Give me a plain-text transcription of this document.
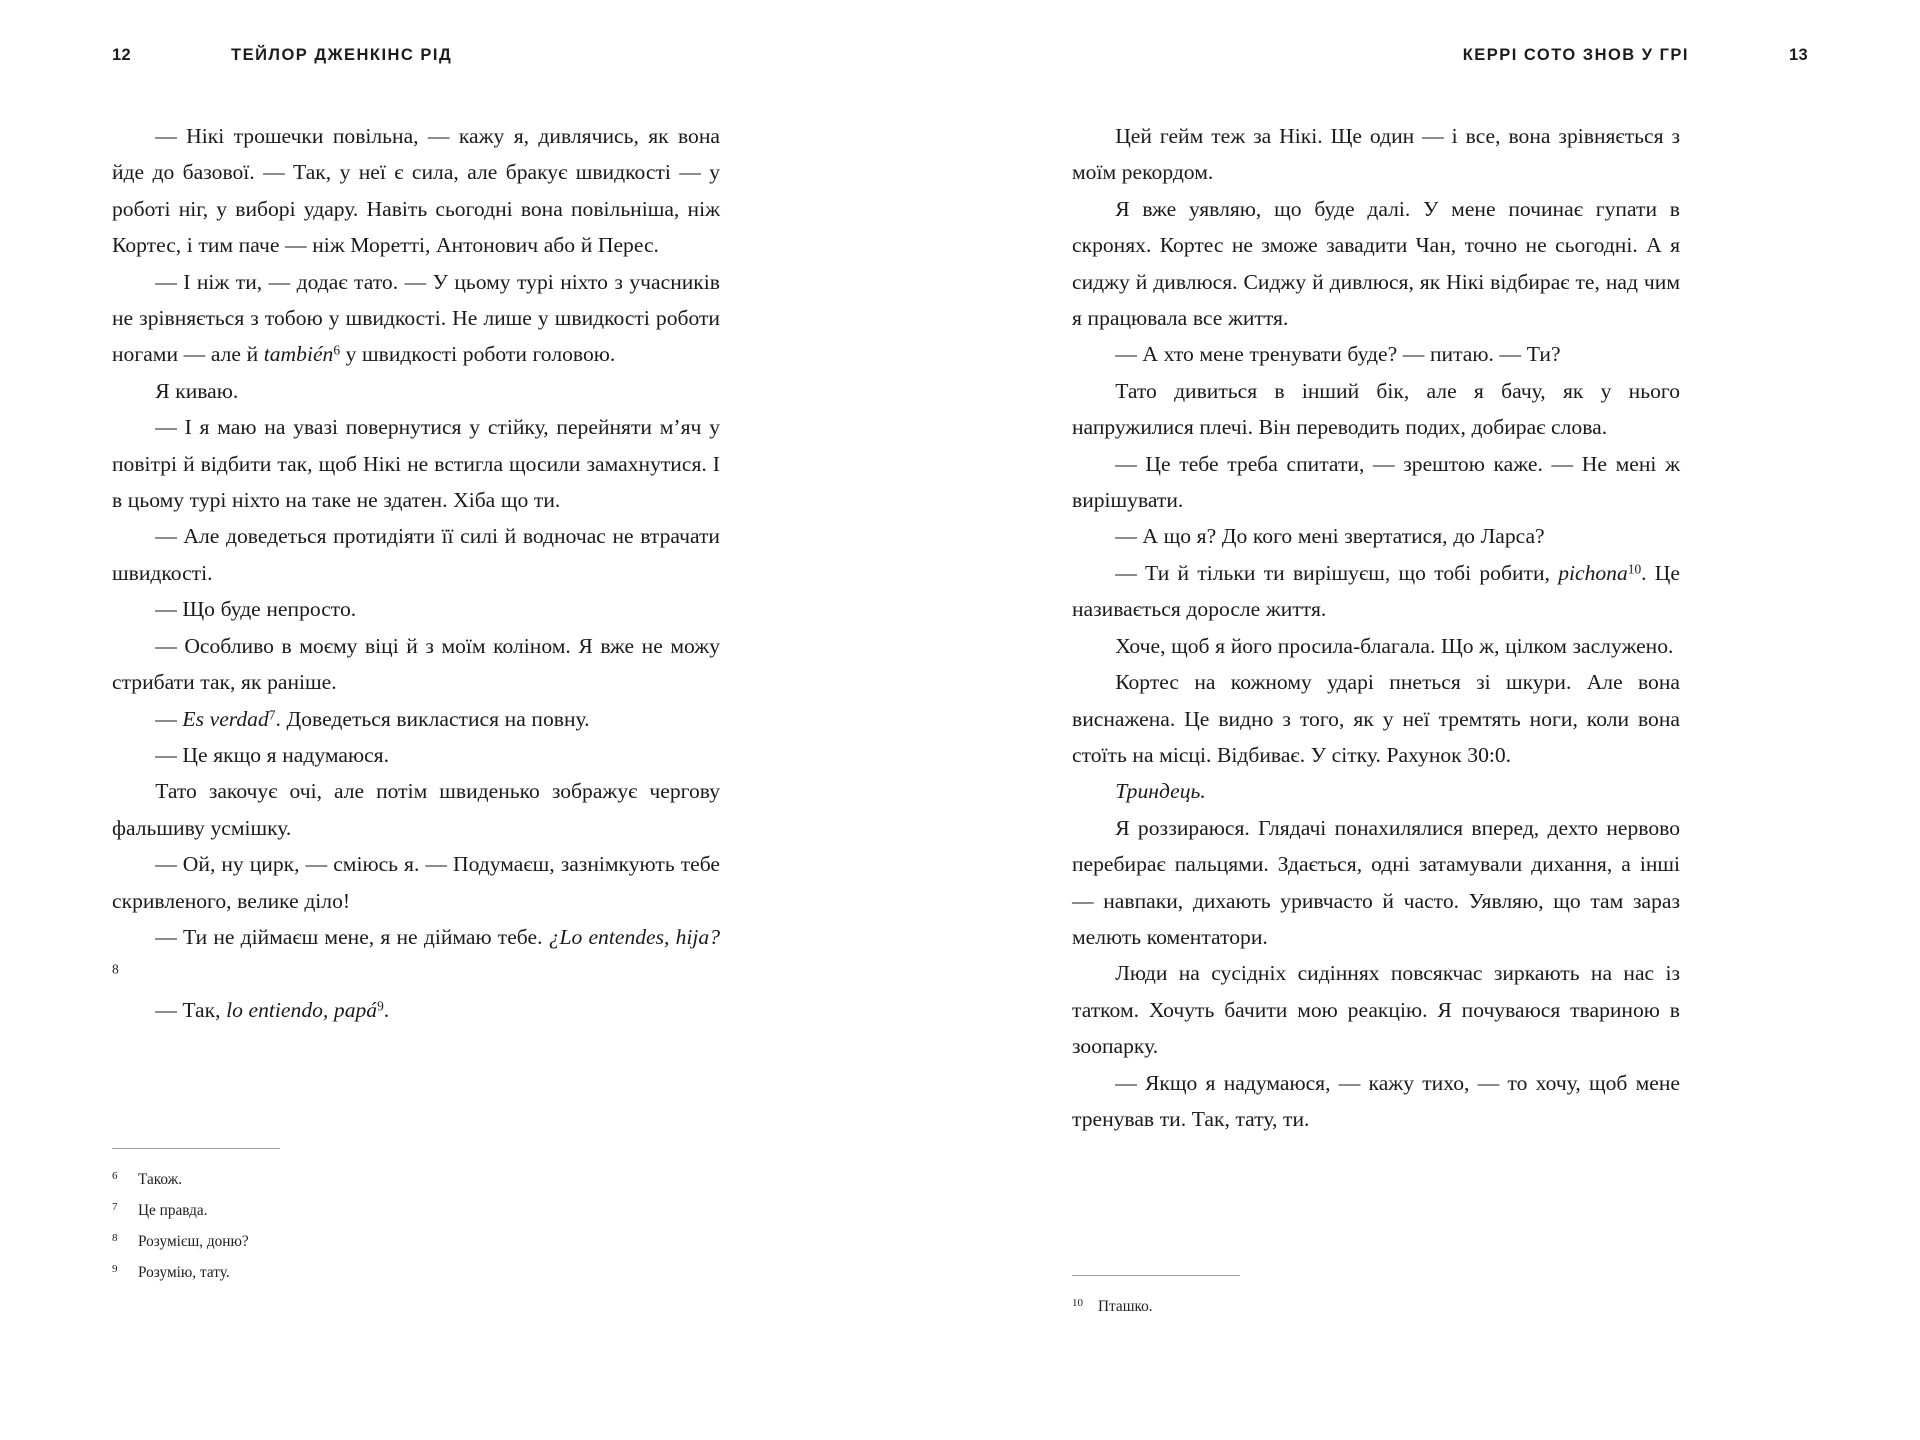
12	ТЕЙЛОР ДЖЕНКІНС РІД

— Нікі трошечки повільна, — кажу я, дивлячись, як вона йде до базової. — Так, у неї є сила, але бракує швидкості — у роботі ніг, у виборі удару. Навіть сьогодні вона повільніша, ніж Кортес, і тим паче — ніж Моретті, Антонович або й Перес.

— І ніж ти, — додає тато. — У цьому турі ніхто з учасників не зрівняється з тобою у швидкості. Не лише у швидкості роботи ногами — але й también$^6$ у швидкості роботи головою.

Я киваю.

— І я маю на увазі повернутися у стійку, перейняти м’яч у повітрі й відбити так, щоб Нікі не встигла щосили замахнутися. І в цьому турі ніхто на таке не здатен. Хіба що ти.

— Але доведеться протидіяти її силі й водночас не втрачати швидкості.

— Що буде непросто.

— Особливо в моєму віці й з моїм коліном. Я вже не можу стрибати так, як раніше.

— Es verdad$^7$. Доведеться викластися на повну.

— Це якщо я надумаюся.

Тато закочує очі, але потім швиденько зображує чергову фальшиву усмішку.

— Ой, ну цирк, — сміюсь я. — Подумаєш, зазнімкують тебе скривленого, велике діло!

— Ти не діймаєш мене, я не діймаю тебе. ¿Lo entendes, hija?$^8$

— Так, lo entiendo, papá$^9$.

6	Також.
7	Це правда.
8	Розумієш, доню?
9	Розумію, тату.
КЕРРІ СОТО ЗНОВ У ГРІ	13

Цей гейм теж за Нікі. Ще один — і все, вона зрівняється з моїм рекордом.

Я вже уявляю, що буде далі. У мене починає гупати в скронях. Кортес не зможе завадити Чан, точно не сьогодні. А я сиджу й дивлюся. Сиджу й дивлюся, як Нікі відбирає те, над чим я працювала все життя.

— А хто мене тренувати буде? — питаю. — Ти?

Тато дивиться в інший бік, але я бачу, як у нього напружилися плечі. Він переводить подих, добирає слова.

— Це тебе треба спитати, — зрештою каже. — Не мені ж вирішувати.

— А що я? До кого мені звертатися, до Ларса?

— Ти й тільки ти вирішуєш, що тобі робити, pichona$^{10}$. Це називається доросле життя.

Хоче, щоб я його просила-благала. Що ж, цілком заслужено.

Кортес на кожному ударі пнеться зі шкури. Але вона виснажена. Це видно з того, як у неї тремтять ноги, коли вона стоїть на місці. Відбиває. У сітку. Рахунок 30:0.

Триндець.

Я роззираюся. Глядачі понахилялися вперед, дехто нервово перебирає пальцями. Здається, одні затамували дихання, а інші — навпаки, дихають уривчасто й часто. Уявляю, що там зараз мелють коментатори.

Люди на сусідніх сидіннях повсякчас зиркають на нас із татком. Хочуть бачити мою реакцію. Я почуваюся твариною в зоопарку.

— Якщо я надумаюся, — кажу тихо, — то хочу, щоб мене тренував ти. Так, тату, ти.

10 Пташко.
